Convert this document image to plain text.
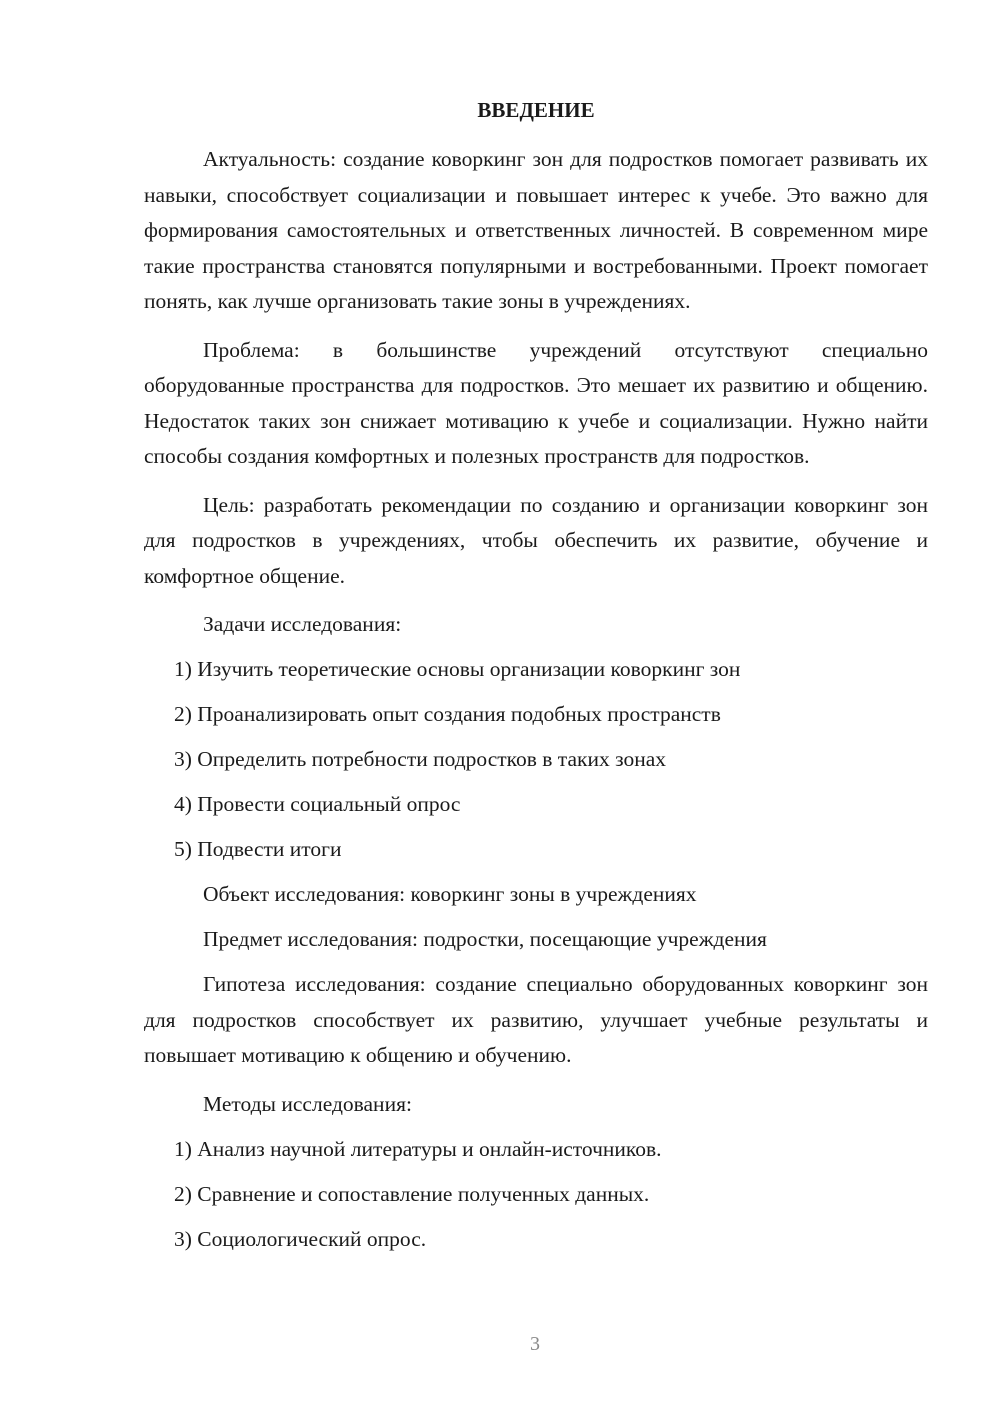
ВВЕДЕНИЕ

Актуальность: создание коворкинг зон для подростков помогает развивать их навыки, способствует социализации и повышает интерес к учебе. Это важно для формирования самостоятельных и ответственных личностей. В современном мире такие пространства становятся популярными и востребованными. Проект помогает понять, как лучше организовать такие зоны в учреждениях.

Проблема: в большинстве учреждений отсутствуют специально оборудованные пространства для подростков. Это мешает их развитию и общению. Недостаток таких зон снижает мотивацию к учебе и социализации. Нужно найти способы создания комфортных и полезных пространств для подростков.

Цель: разработать рекомендации по созданию и организации коворкинг зон для подростков в учреждениях, чтобы обеспечить их развитие, обучение и комфортное общение.

Задачи исследования:
1) Изучить теоретические основы организации коворкинг зон
2) Проанализировать опыт создания подобных пространств
3) Определить потребности подростков в таких зонах
4) Провести социальный опрос
5) Подвести итоги
Объект исследования: коворкинг зоны в учреждениях
Предмет исследования: подростки, посещающие учреждения

Гипотеза исследования: создание специально оборудованных коворкинг зон для подростков способствует их развитию, улучшает учебные результаты и повышает мотивацию к общению и обучению.

Методы исследования:
1) Анализ научной литературы и онлайн-источников.
2) Сравнение и сопоставление полученных данных.
3) Социологический опрос.
3
